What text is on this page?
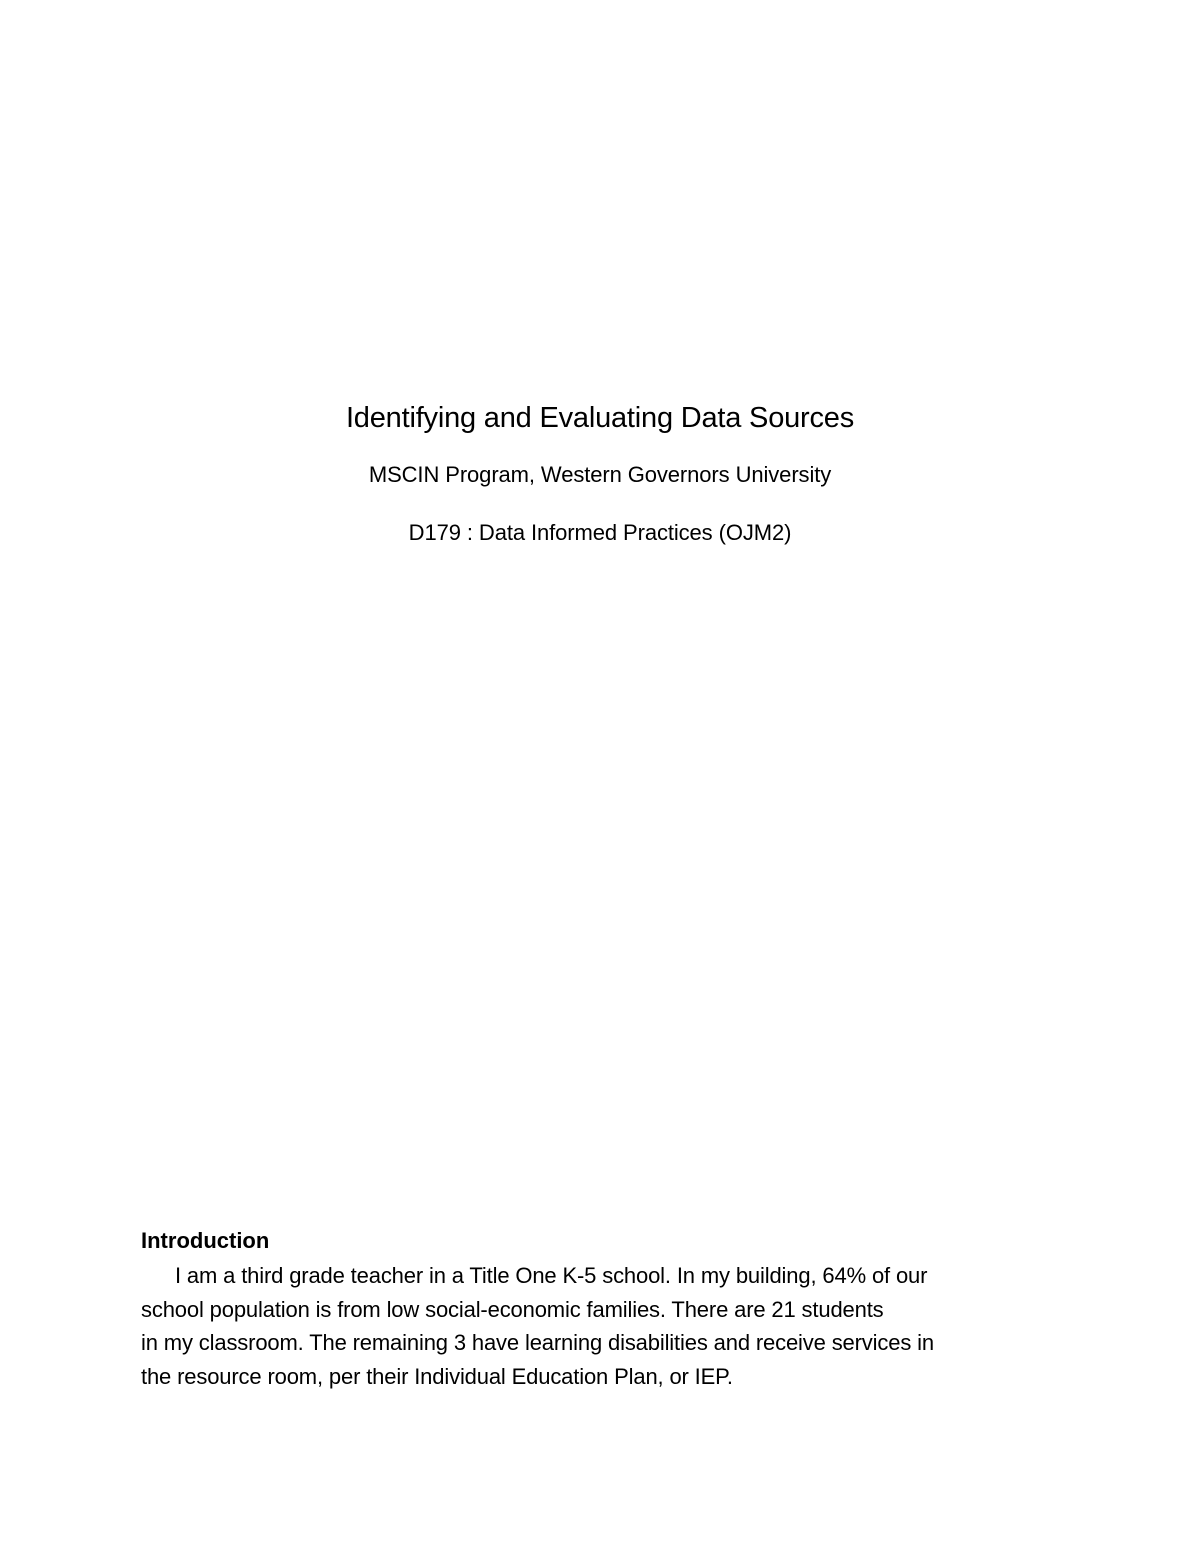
Identifying and Evaluating Data Sources

MSCIN Program, Western Governors University

D179 : Data Informed Practices (OJM2)

Introduction

I am a third grade teacher in a Title One K-5 school. In my building, 64% of our
school population is from low social-economic families. There are 21 students
in my classroom. The remaining 3 have learning disabilities and receive services in
the resource room, per their Individual Education Plan, or IEP.
